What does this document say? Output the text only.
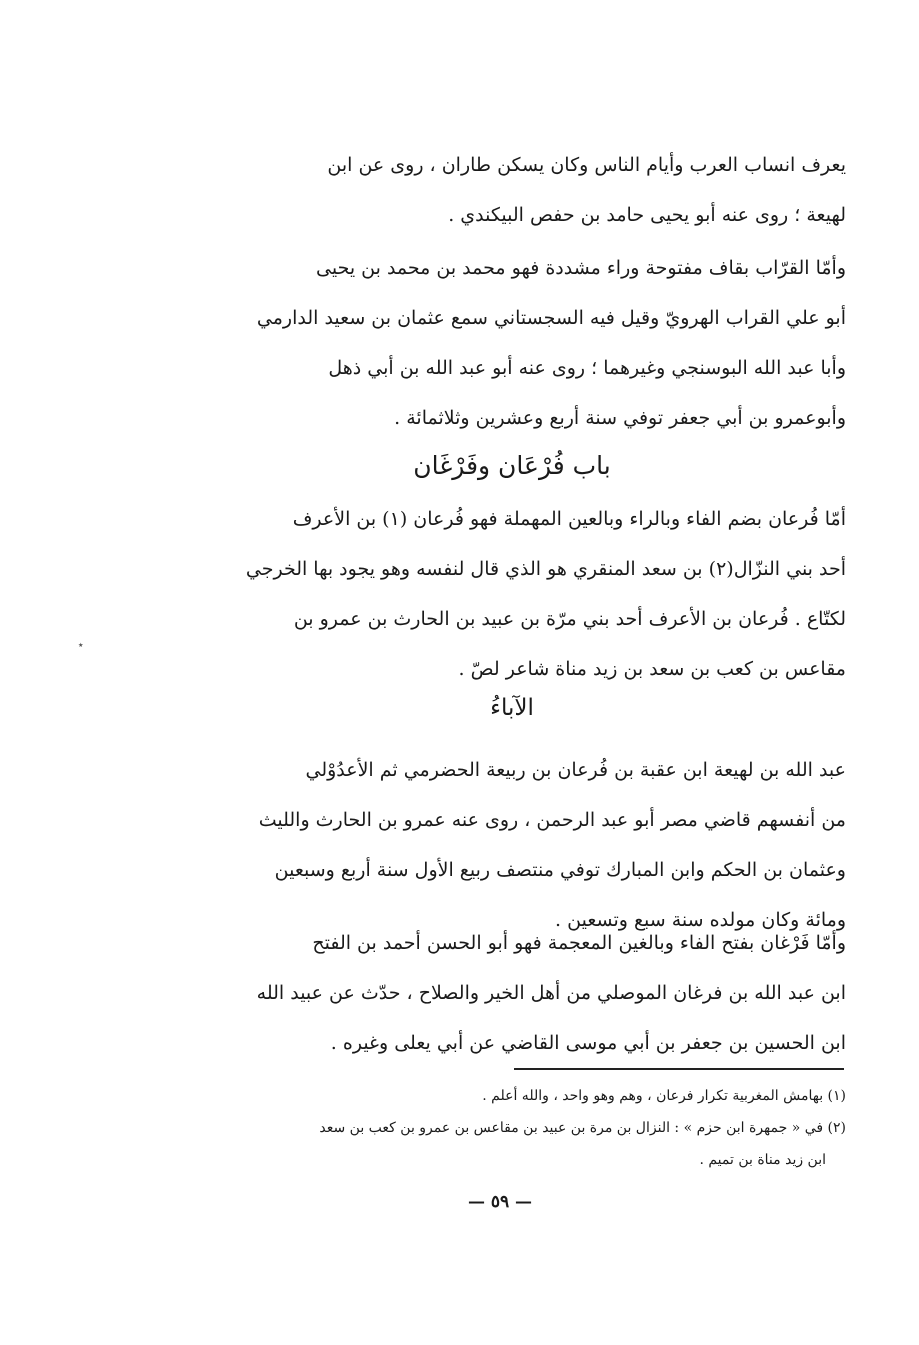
يعرف انساب العرب وأيام الناس وكان يسكن طاران ، روى عن ابن
لهيعة ؛ روى عنه أبو يحيى حامد بن حفص البيكندي .
وأمّا القرّاب بقاف مفتوحة وراء مشددة فهو محمد بن محمد بن يحيى
أبو علي القراب الهرويّ وقيل فيه السجستاني سمع عثمان بن سعيد الدارمي
وأبا عبد الله البوسنجي وغيرهما ؛ روى عنه أبو عبد الله بن أبي ذهل
وأبوعمرو بن أبي جعفر توفي سنة أربع وعشرين وثلاثمائة .
باب فُرْعَان وفَرْغَان
أمّا فُرعان بضم الفاء وبالراء وبالعين المهملة فهو فُرعان (١) بن الأعرف
أحد بني النزّال(٢) بن سعد المنقري هو الذي قال لنفسه وهو يجود بها الخرجي
لكتّاع . فُرعان بن الأعرف أحد بني مرّة بن عبيد بن الحارث بن عمرو بن
مقاعس بن كعب بن سعد بن زيد مناة شاعر لصّ .
الآباءُ
عبد الله بن لهيعة ابن عقبة بن فُرعان بن ربيعة الحضرمي ثم الأعدُوْلي
من أنفسهم قاضي مصر أبو عبد الرحمن ، روى عنه عمرو بن الحارث والليث
وعثمان بن الحكم وابن المبارك توفي منتصف ربيع الأول سنة أربع وسبعين
ومائة وكان مولده سنة سبع وتسعين .
وأمّا فَرْغان بفتح الفاء وبالغين المعجمة فهو أبو الحسن أحمد بن الفتح
ابن عبد الله بن فرغان الموصلي من أهل الخير والصلاح ، حدّث عن عبيد الله
ابن الحسين بن جعفر بن أبي موسى القاضي عن أبي يعلى وغيره .
(١) بهامش المغربية تكرار فرعان ، وهم وهو واحد ، والله أعلم .
(٢) في « جمهرة ابن حزم » : النزال بن مرة بن عبيد بن مقاعس بن عمرو بن كعب بن سعد
ابن زيد مناة بن تميم .
— ٥٩ —
٭
